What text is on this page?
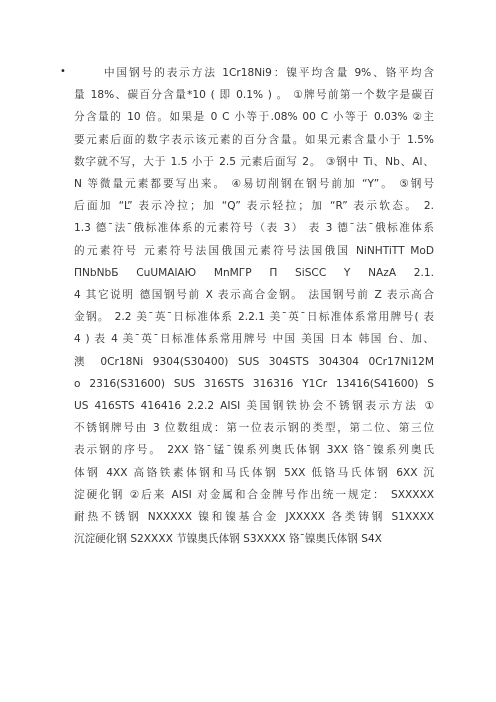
•	中国钢号的表示方法 1Cr18Ni9：镍平均含量 9%、铬平均含
量 18%、碳百分含量*10 ( 即 0.1% ) 。 ①牌号前第一个数字是碳百
分含量的 10 倍。如果是 0 C 小等于.08% 00 C 小等于 0.03% ②主
要元素后面的数字表示该元素的百分含量。如果元素含量小于 1.5%
数字就不写，大于 1.5 小于 2.5 元素后面写 2。 ③钢中 Ti、Nb、Al、
N 等微量元素都要写出来。 ④易切削钢在钢号前加 “Y”。 ⑤钢号
后面加 “L” 表示冷拉；加 “Q” 表示轻拉；加 “R” 表示软态。 2.
1.3 德¯法¯俄标准体系的元素符号（表 3） 表 3 德¯法¯俄标准体系
的元素符号 元素符号法国俄国元素符号法国俄国 NiNHTiTT MoD
ПNbNbБ CuUMAlAЮ MnMГР П SiSCC Y NAzA 2.1.
4 其它说明 德国钢号前 X 表示高合金钢。 法国钢号前 Z 表示高合
金钢。 2.2 美¯英¯日标准体系 2.2.1 美¯英¯日标准体系常用牌号( 表
4 ) 表 4 美¯英¯日标准体系常用牌号 中国 美国 日本 韩国 台、加、
澳 0Cr18Ni 9304(S30400) SUS 304STS 304304 0Cr17Ni12M
o 2316(S31600) SUS 316STS 316316 Y1Cr 13416(S41600) S
US 416STS 416416 2.2.2 AISI 美国钢铁协会不锈钢表示方法 ①
不锈钢牌号由 3 位数组成：第一位表示钢的类型，第二位、第三位
表示钢的序号。 2XX 铬¯锰¯镍系列奥氏体钢 3XX 铬¯镍系列奥氏
体钢 4XX 高铬铁素体钢和马氏体钢 5XX 低铬马氏体钢 6XX 沉
淀硬化钢 ②后来 AISI 对金属和合金牌号作出统一规定： SXXXXX
耐热不锈钢 NXXXXX 镍和镍基合金 JXXXXX 各类铸钢 S1XXXX
沉淀硬化钢 S2XXXX 节镍奥氏体钢 S3XXXX 铬¯镍奥氏体钢 S4X
